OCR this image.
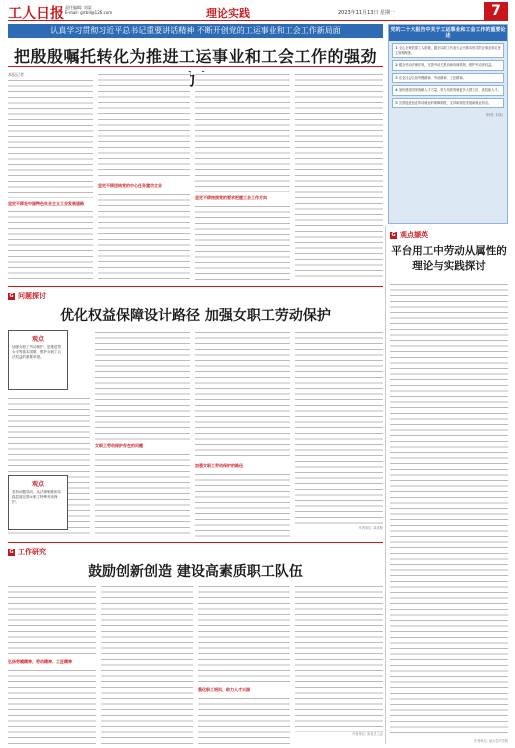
工人日报 责任编辑: 刘某
E-mail: grrbll@126.com	理论实践	2023年11月13日 星期一	7
认真学习贯彻习近平总书记重要讲话精神 不断开创党的工运事业和工会工作新局面
把殷殷嘱托转化为推进工运事业和工会工作的强劲
本报记者
坚定不移走中国特色社会主义工会发展道路
坚定不移团结党的中心任务建功立业
坚定不移按照党的要求把握工会工作方向
党的二十大报告中关于工运事业和工会工作的重要论述
1 全心全意依靠工人阶级，健全以职工代表大会为基本形式的企事业单位民主管理制度。
2 健全劳动法律法规，完善劳动关系协商协调机制，维护劳动者权益。
3 在全社会弘扬劳模精神、劳动精神、工匠精神。
4 加快建设国家战略人才力量，努力培养造就更多大国工匠、高技能人才。
5 完善促进创业带动就业的保障制度，支持和规范发展新就业形态。
(制图: 刘某)
G 问题探讨
优化权益保障设计路径 加强女职工劳动保护
观点
加强女职工劳动保护，是推进男女平等基本国策、维护女职工合法权益的重要举措。
女职工劳动保护存在的问题
加强女职工劳动保护的路径
作者单位: 某高校
观点
坚持问题导向，从法律制度和实践层面完善女职工特殊劳动保护。
G 工作研究
鼓励创新创造 建设高素质职工队伍
弘扬劳模精神、劳动精神、工匠精神
强化职工培训，助力人才兴国
作者单位: 某省总工会
G 观点撷英
平台用工中劳动从属性的
理论与实践探讨
作者单位: 某大学法学院
